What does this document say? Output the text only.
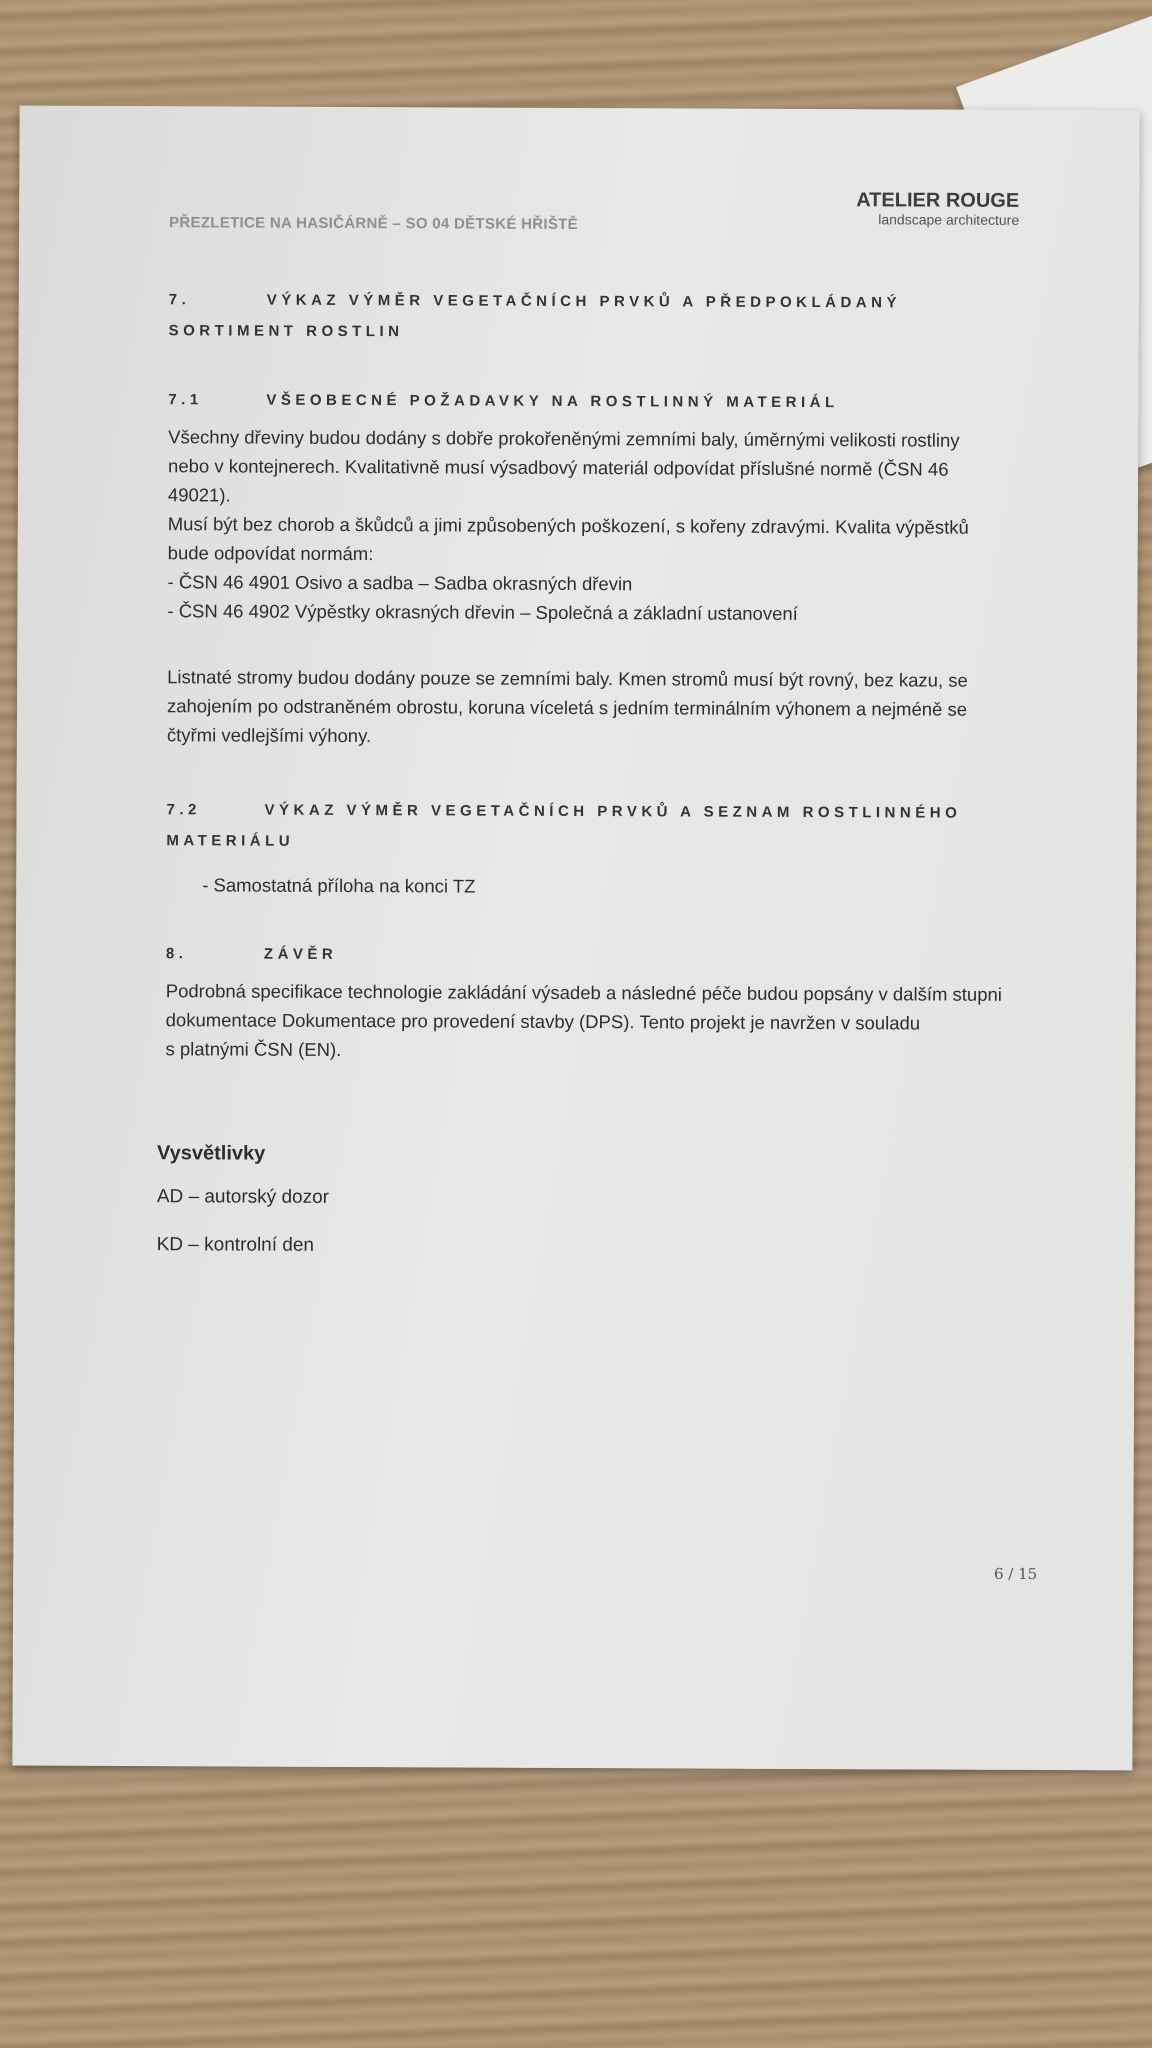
PŘEZLETICE NA HASIČÁRNĚ – SO 04 DĚTSKÉ HŘIŠTĚ
ATELIER ROUGE
landscape architecture
7.	VÝKAZ VÝMĚR VEGETAČNÍCH PRVKŮ A PŘEDPOKLÁDANÝ
SORTIMENT ROSTLIN
7.1	VŠEOBECNÉ POŽADAVKY NA ROSTLINNÝ MATERIÁL
Všechny dřeviny budou dodány s dobře prokořeněnými zemními baly, úměrnými velikosti rostliny
nebo v kontejnerech. Kvalitativně musí výsadbový materiál odpovídat příslušné normě (ČSN 46
49021).
Musí být bez chorob a škůdců a jimi způsobených poškození, s kořeny zdravými. Kvalita výpěstků
bude odpovídat normám:
- ČSN 46 4901 Osivo a sadba – Sadba okrasných dřevin
- ČSN 46 4902 Výpěstky okrasných dřevin – Společná a základní ustanovení
Listnaté stromy budou dodány pouze se zemními baly. Kmen stromů musí být rovný, bez kazu, se
zahojením po odstraněném obrostu, koruna víceletá s jedním terminálním výhonem a nejméně se
čtyřmi vedlejšími výhony.
7.2	VÝKAZ VÝMĚR VEGETAČNÍCH PRVKŮ A SEZNAM ROSTLINNÉHO
MATERIÁLU
- Samostatná příloha na konci TZ
8.	ZÁVĚR
Podrobná specifikace technologie zakládání výsadeb a následné péče budou popsány v dalším stupni
dokumentace Dokumentace pro provedení stavby (DPS). Tento projekt je navržen v souladu
s platnými ČSN (EN).
Vysvětlivky
AD – autorský dozor
KD – kontrolní den
6 / 15
